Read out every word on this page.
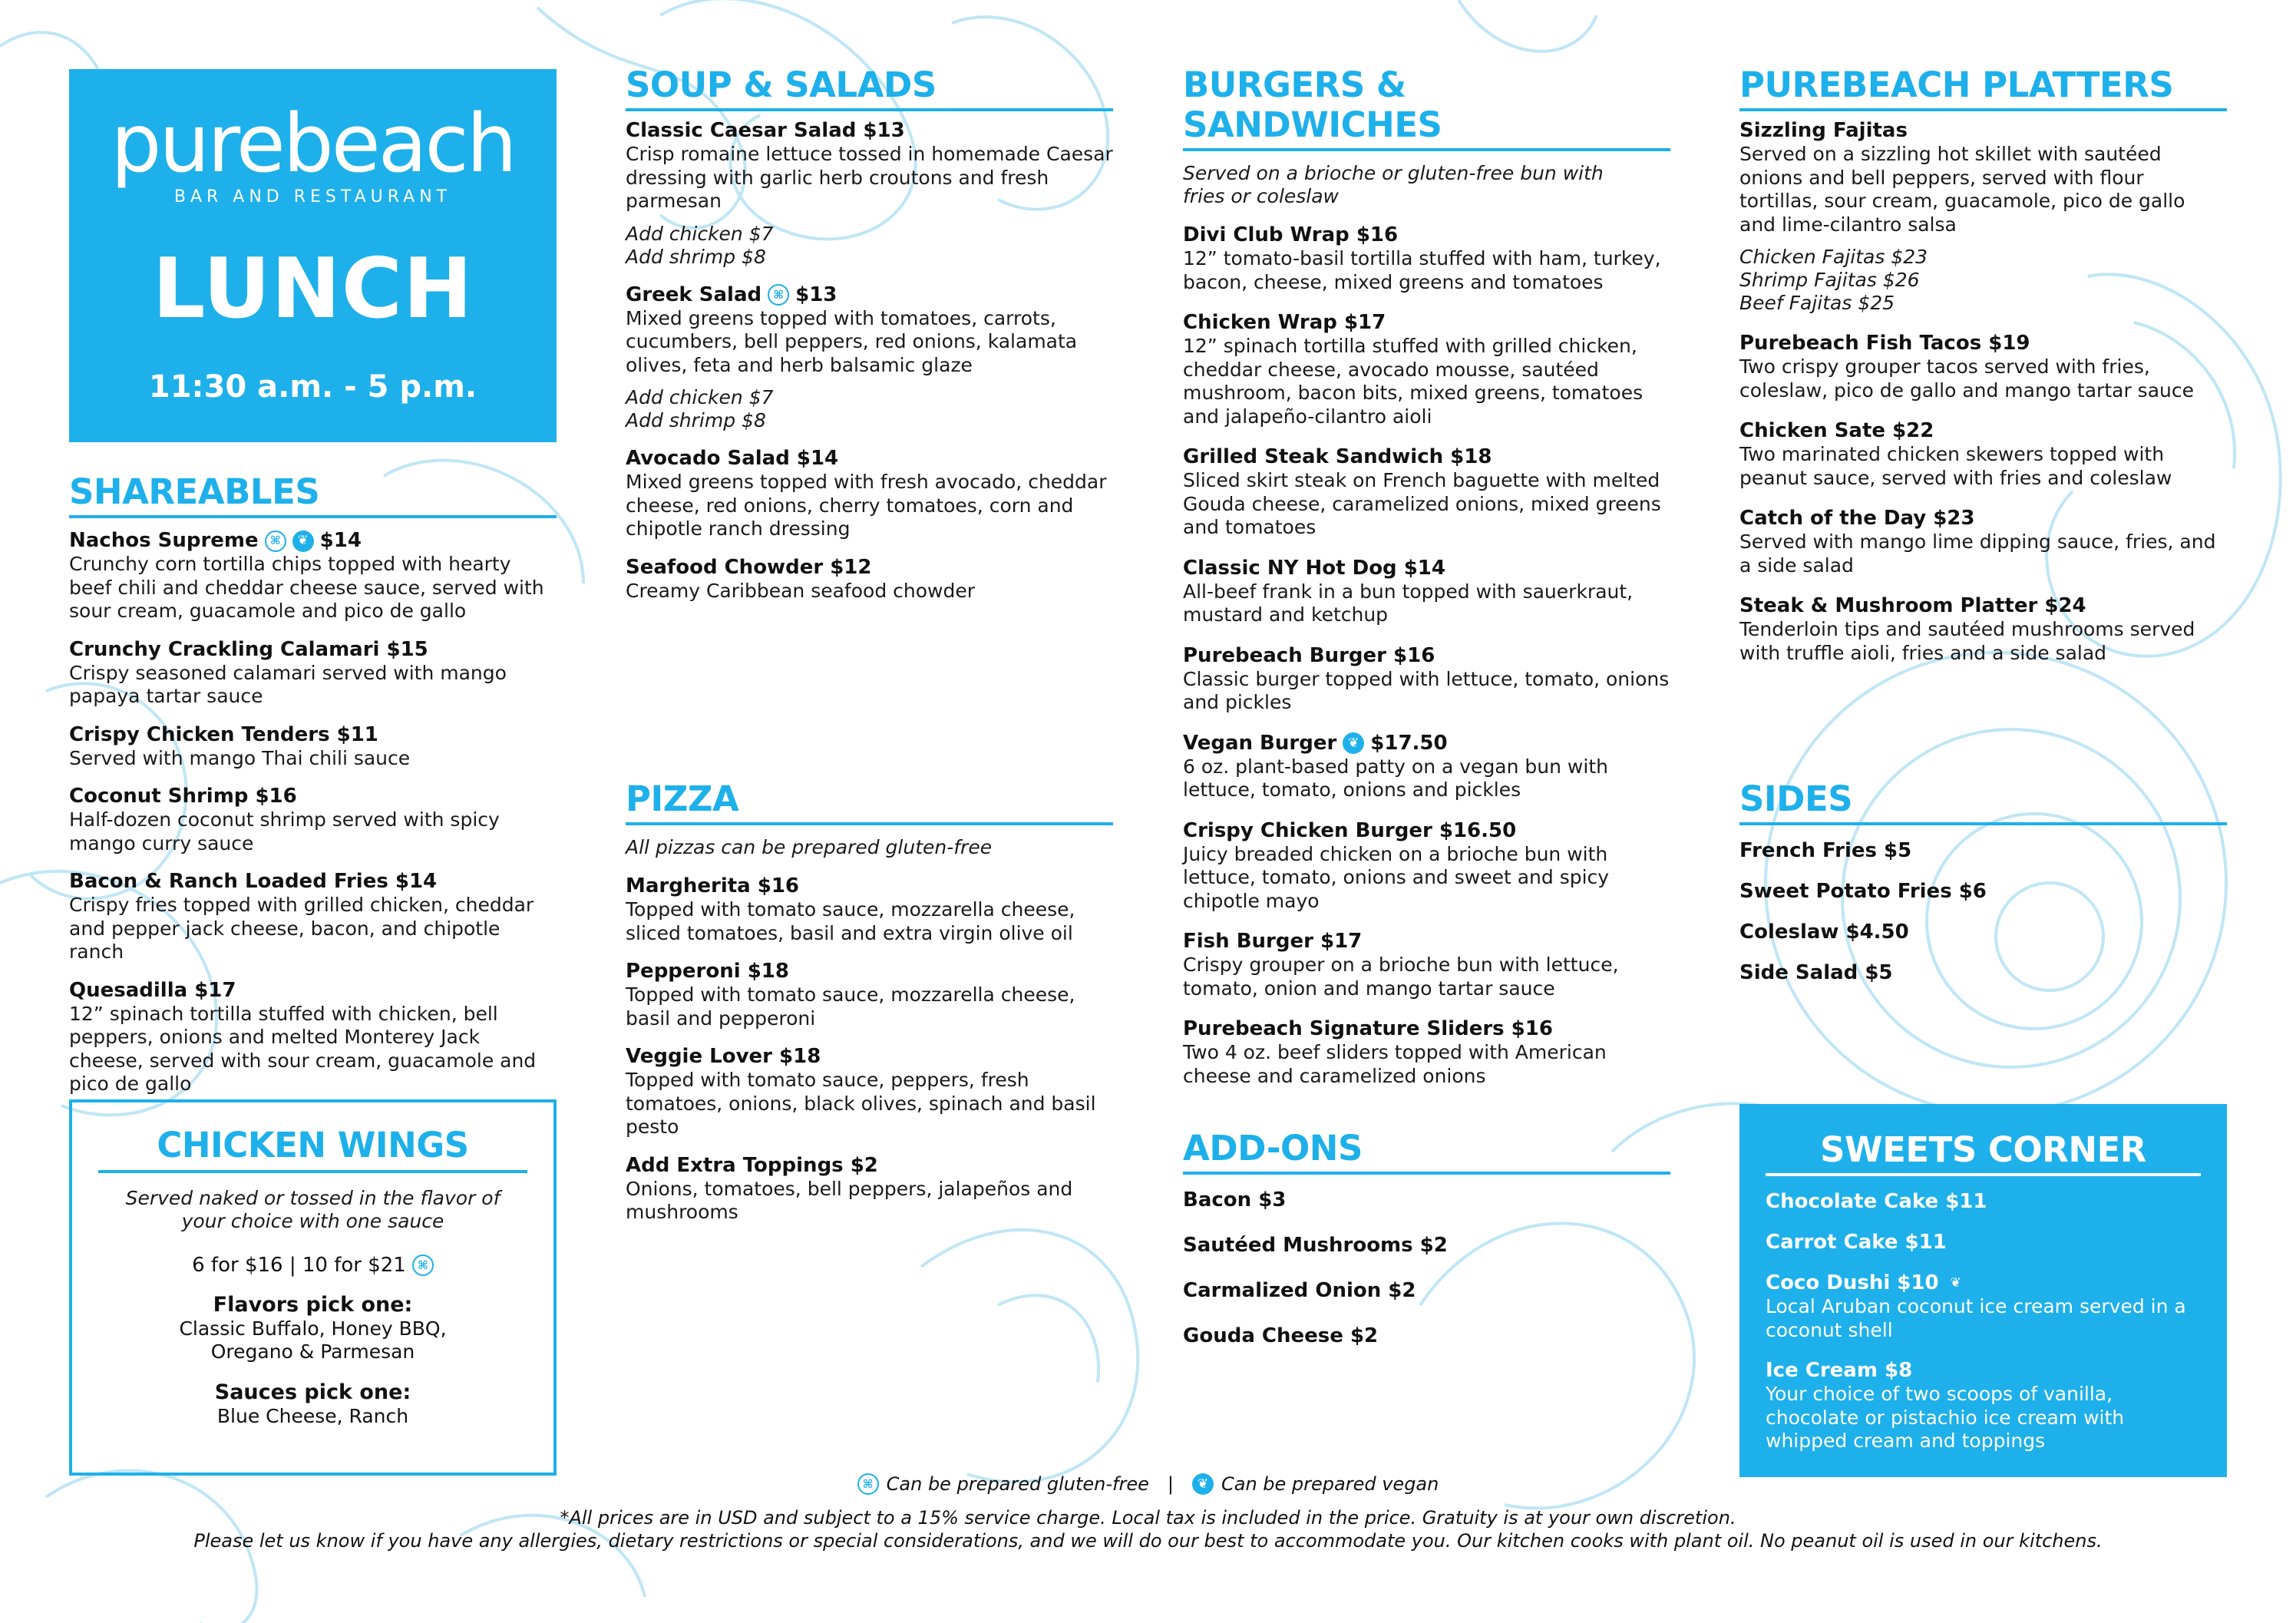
purebeach
BAR AND RESTAURANT
LUNCH
11:30 a.m. - 5 p.m.
SHAREABLES
Nachos Supreme	⌘	❦ $14
Crunchy corn tortilla chips topped with hearty beef chili and cheddar cheese sauce, served with sour cream, guacamole and pico de gallo
Crunchy Crackling Calamari $15
Crispy seasoned calamari served with mango papaya tartar sauce
Crispy Chicken Tenders $11
Served with mango Thai chili sauce
Coconut Shrimp $16
Half-dozen coconut shrimp served with spicy mango curry sauce
Bacon & Ranch Loaded Fries $14
Crispy fries topped with grilled chicken, cheddar and pepper jack cheese, bacon, and chipotle ranch
Quesadilla $17
12” spinach tortilla stuffed with chicken, bell peppers, onions and melted Monterey Jack cheese, served with sour cream, guacamole and pico de gallo
CHICKEN WINGS
Served naked or tossed in the flavor of your choice with one sauce
6 for $16 | 10 for $21	⌘
Flavors pick one:
Classic Buffalo, Honey BBQ, Oregano & Parmesan
Sauces pick one:
Blue Cheese, Ranch
SOUP & SALADS
Classic Caesar Salad $13
Crisp romaine lettuce tossed in homemade Caesar dressing with garlic herb croutons and fresh parmesan
Add chicken $7
Add shrimp $8
Greek Salad	⌘ $13
Mixed greens topped with tomatoes, carrots, cucumbers, bell peppers, red onions, kalamata olives, feta and herb balsamic glaze
Add chicken $7
Add shrimp $8
Avocado Salad $14
Mixed greens topped with fresh avocado, cheddar cheese, red onions, cherry tomatoes, corn and chipotle ranch dressing
Seafood Chowder $12
Creamy Caribbean seafood chowder
PIZZA
All pizzas can be prepared gluten-free
Margherita $16
Topped with tomato sauce, mozzarella cheese, sliced tomatoes, basil and extra virgin olive oil
Pepperoni $18
Topped with tomato sauce, mozzarella cheese, basil and pepperoni
Veggie Lover $18
Topped with tomato sauce, peppers, fresh tomatoes, onions, black olives, spinach and basil pesto
Add Extra Toppings $2
Onions, tomatoes, bell peppers, jalapeños and mushrooms
BURGERS & SANDWICHES
Served on a brioche or gluten-free bun with fries or coleslaw
Divi Club Wrap $16
12” tomato-basil tortilla stuffed with ham, turkey, bacon, cheese, mixed greens and tomatoes
Chicken Wrap $17
12” spinach tortilla stuffed with grilled chicken, cheddar cheese, avocado mousse, sautéed mushroom, bacon bits, mixed greens, tomatoes and jalapeño-cilantro aioli
Grilled Steak Sandwich $18
Sliced skirt steak on French baguette with melted Gouda cheese, caramelized onions, mixed greens and tomatoes
Classic NY Hot Dog $14
All-beef frank in a bun topped with sauerkraut, mustard and ketchup
Purebeach Burger $16
Classic burger topped with lettuce, tomato, onions and pickles
Vegan Burger ❦ $17.50
6 oz. plant-based patty on a vegan bun with lettuce, tomato, onions and pickles
Crispy Chicken Burger $16.50
Juicy breaded chicken on a brioche bun with lettuce, tomato, onions and sweet and spicy chipotle mayo
Fish Burger $17
Crispy grouper on a brioche bun with lettuce, tomato, onion and mango tartar sauce
Purebeach Signature Sliders $16
Two 4 oz. beef sliders topped with American cheese and caramelized onions
ADD-ONS
Bacon $3
Sautéed Mushrooms $2
Carmalized Onion $2
Gouda Cheese $2
PUREBEACH PLATTERS
Sizzling Fajitas
Served on a sizzling hot skillet with sautéed onions and bell peppers, served with flour tortillas, sour cream, guacamole, pico de gallo and lime-cilantro salsa
Chicken Fajitas $23
Shrimp Fajitas $26
Beef Fajitas $25
Purebeach Fish Tacos $19
Two crispy grouper tacos served with fries, coleslaw, pico de gallo and mango tartar sauce
Chicken Sate $22
Two marinated chicken skewers topped with peanut sauce, served with fries and coleslaw
Catch of the Day $23
Served with mango lime dipping sauce, fries, and a side salad
Steak & Mushroom Platter $24
Tenderloin tips and sautéed mushrooms served with truffle aioli, fries and a side salad
SIDES
French Fries $5
Sweet Potato Fries $6
Coleslaw $4.50
Side Salad $5
SWEETS CORNER
Chocolate Cake $11
Carrot Cake $11
Coco Dushi $10 ❦
Local Aruban coconut ice cream served in a coconut shell
Ice Cream $8
Your choice of two scoops of vanilla, chocolate or pistachio ice cream with whipped cream and toppings
⌘ Can be prepared gluten-free |	❦ Can be prepared vegan
*All prices are in USD and subject to a 15% service charge. Local tax is included in the price. Gratuity is at your own discretion.
Please let us know if you have any allergies, dietary restrictions or special considerations, and we will do our best to accommodate you. Our kitchen cooks with plant oil. No peanut oil is used in our kitchens.
